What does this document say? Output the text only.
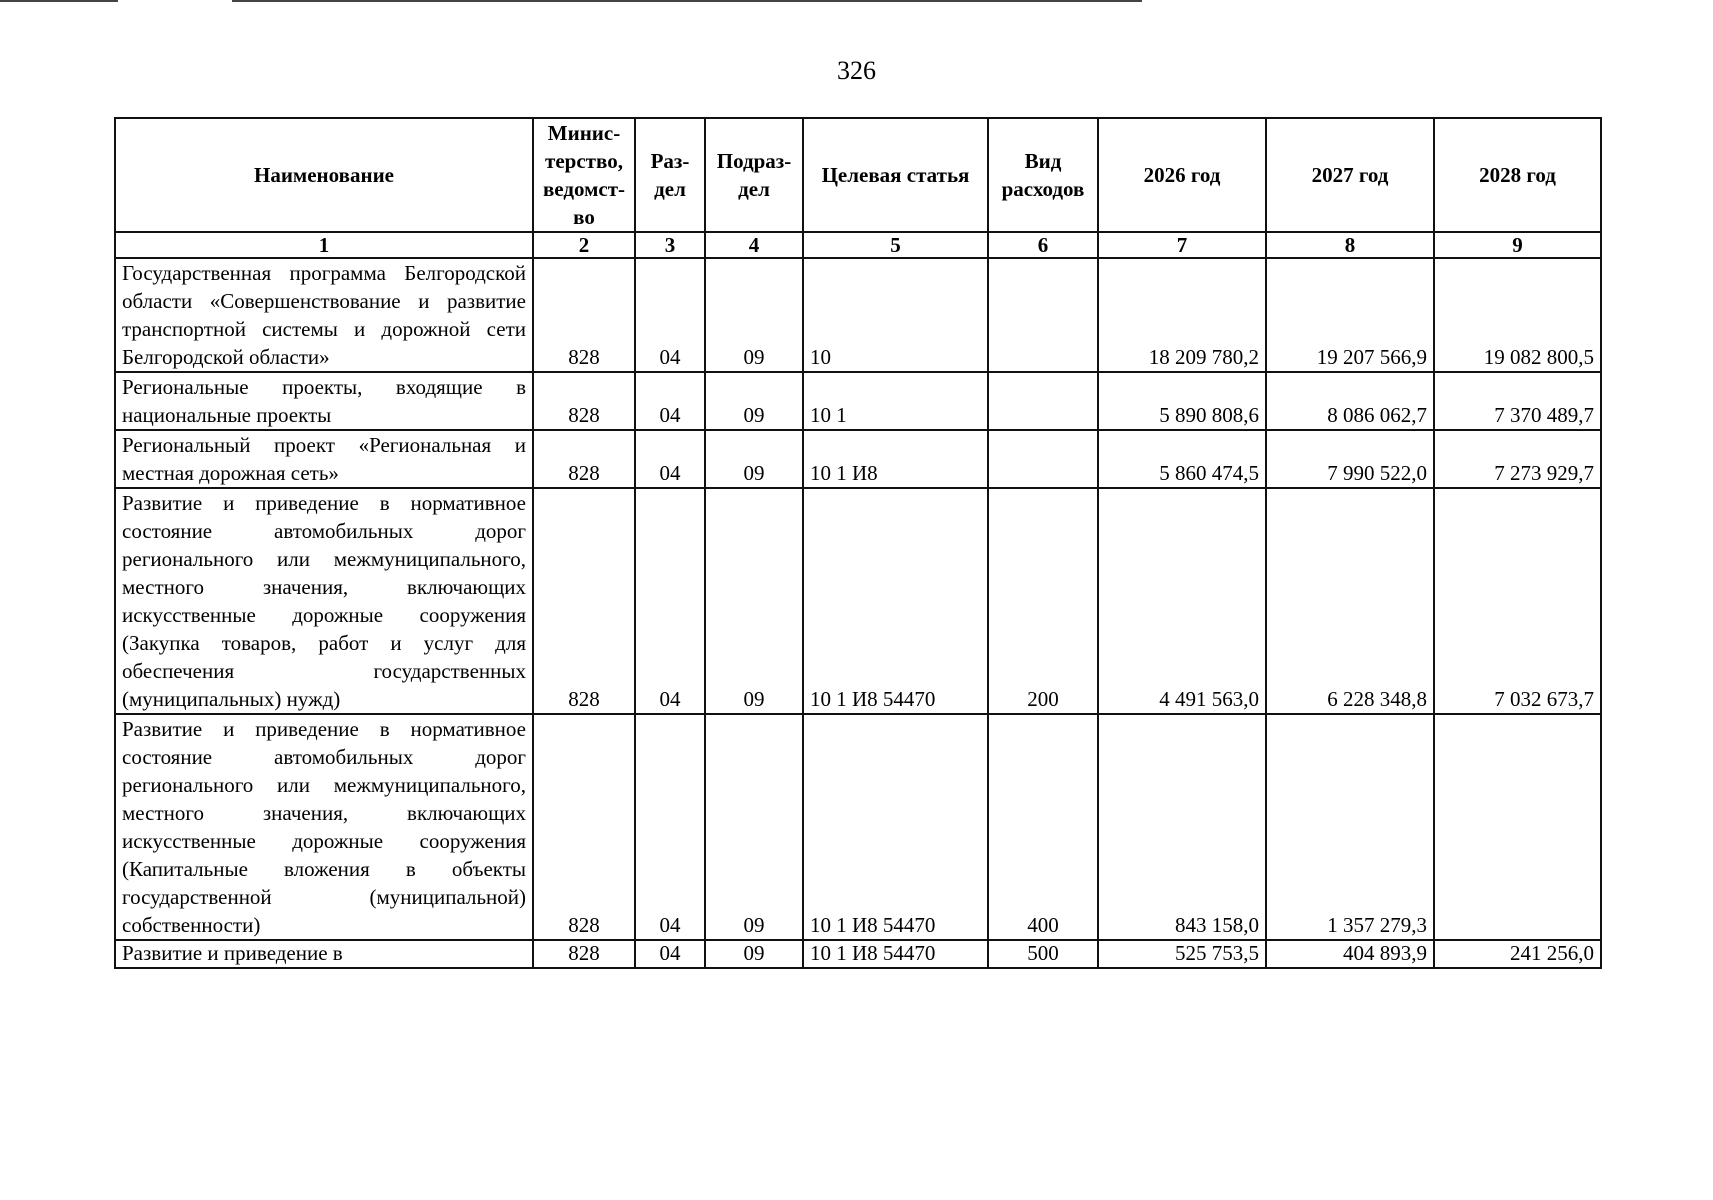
326
Наименование	Минис-терство, ведомст-во	Раз-дел	Подраз-дел	Целевая статья	Вид расходов	2026 год	2027 год	2028 год
1	2	3	4	5	6	7	8	9
Государственная программа Белгородской области «Совершенствование и развитие транспортной системы и дорожной сети Белгородской области»	828	04	09	10		18 209 780,2	19 207 566,9	19 082 800,5
Региональные проекты, входящие в национальные проекты	828	04	09	10 1		5 890 808,6	8 086 062,7	7 370 489,7
Региональный проект «Региональная и местная дорожная сеть»	828	04	09	10 1 И8		5 860 474,5	7 990 522,0	7 273 929,7
Развитие и приведение в нормативное состояние автомобильных дорог регионального или межмуниципального, местного значения, включающих искусственные дорожные сооружения (Закупка товаров, работ и услуг для обеспечения государственных (муниципальных) нужд)	828	04	09	10 1 И8 54470	200	4 491 563,0	6 228 348,8	7 032 673,7
Развитие и приведение в нормативное состояние автомобильных дорог регионального или межмуниципального, местного значения, включающих искусственные дорожные сооружения (Капитальные вложения в объекты государственной (муниципальной) собственности)	828	04	09	10 1 И8 54470	400	843 158,0	1 357 279,3	
Развитие и приведение в	828	04	09	10 1 И8 54470	500	525 753,5	404 893,9	241 256,0
